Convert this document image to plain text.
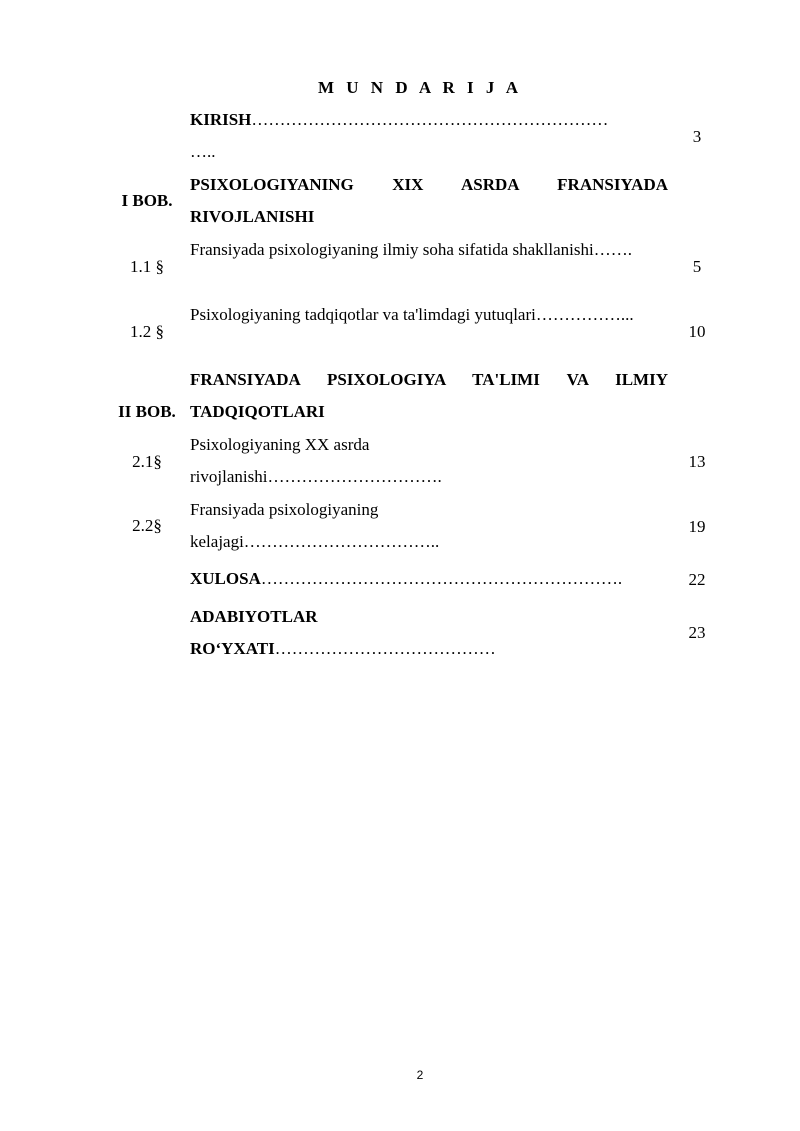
M U N D A R I J A
KIRISH………………………………………………………
…..
3
I BOB.
PSIXOLOGIYANING XIX ASRDA FRANSIYADA RIVOJLANISHI
1.1 §
Fransiyada psixologiyaning ilmiy soha sifatida shakllanishi…….
5
1.2 §
Psixologiyaning tadqiqotlar va ta'limdagi yutuqlari……………...
10
II BOB.
FRANSIYADA PSIXOLOGIYA TA'LIMI VA ILMIY TADQIQOTLARI
2.1§
Psixologiyaning XX asrda
rivojlanishi………………………….
13
2.2§
Fransiyada psixologiyaning
kelajagi……………………………..
19
XULOSA……………………………………………………….	22
ADABIYOTLAR
RO‘YXATI…………………………………
23
2
